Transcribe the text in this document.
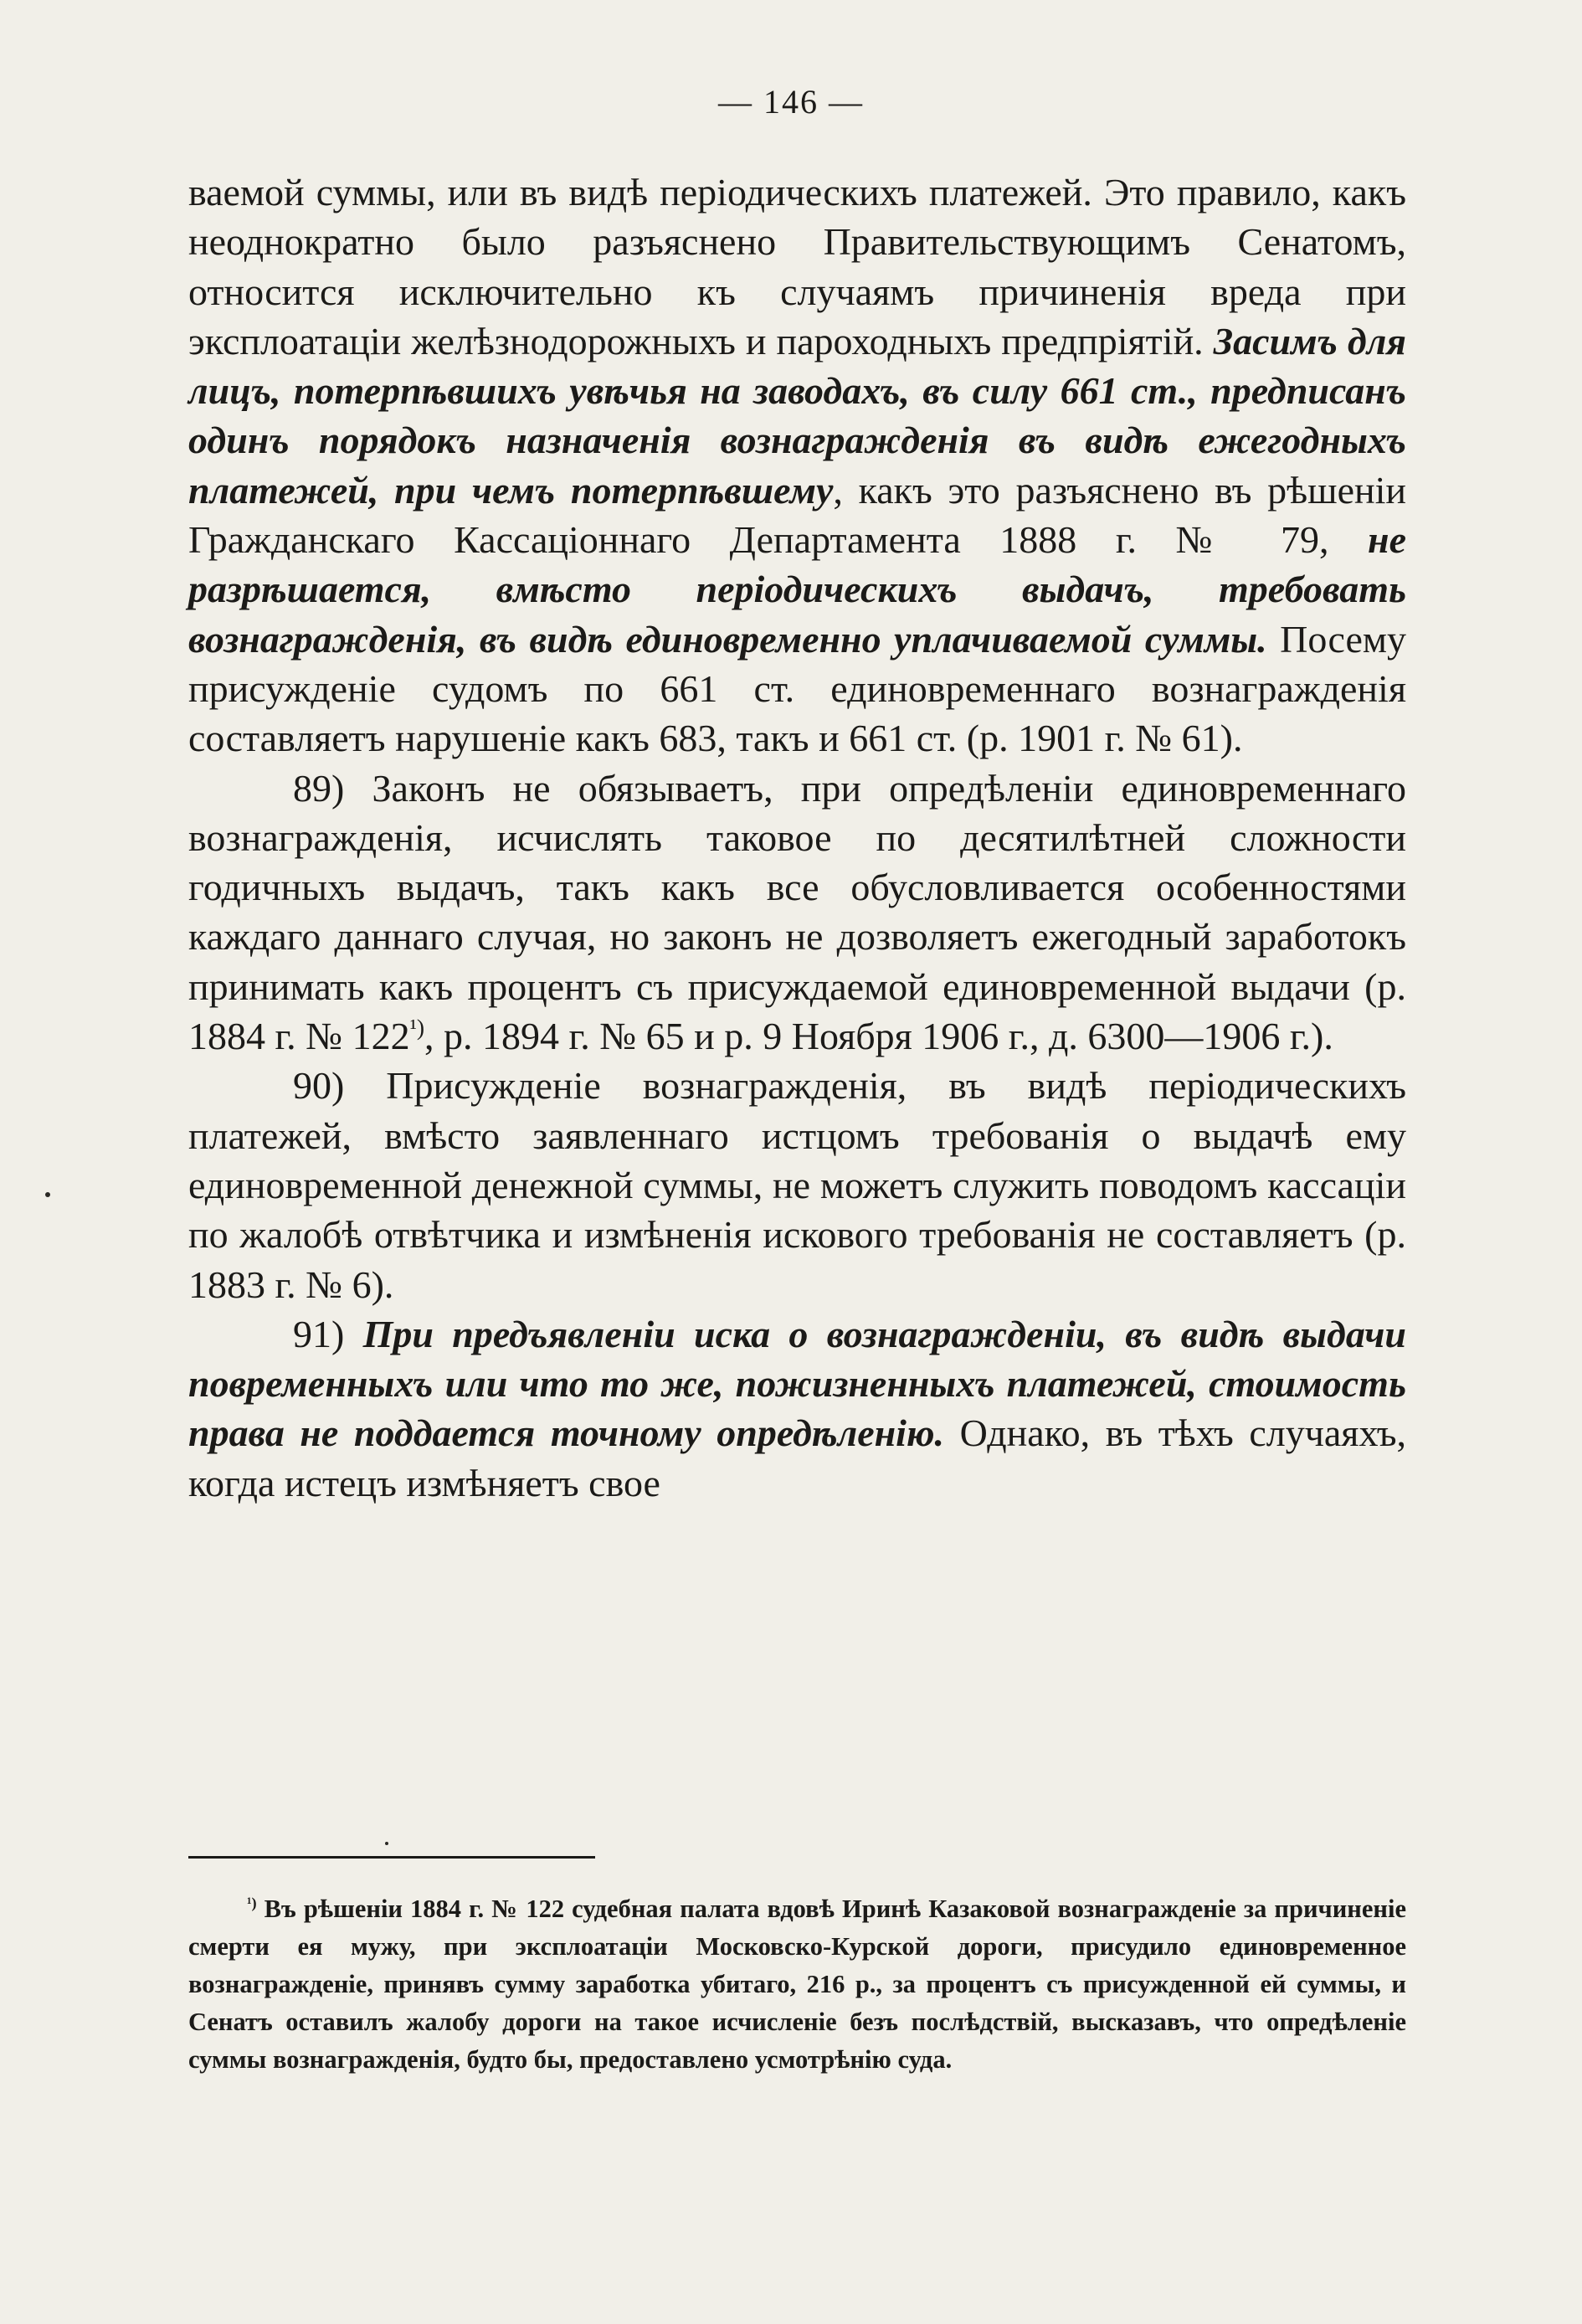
— 146 —

ваемой суммы, или въ видѣ періодическихъ платежей. Это правило, какъ неоднократно было разъяснено Правительствующимъ Сенатомъ, относится исключительно къ случаямъ причиненія вреда при эксплоатаціи желѣзнодорожныхъ и пароходныхъ предпріятій. Засимъ для лицъ, потерпѣвшихъ увѣчья на заводахъ, въ силу 661 ст., предписанъ одинъ порядокъ назначенія вознагражденія въ видѣ ежегодныхъ платежей, при чемъ потерпѣвшему, какъ это разъяснено въ рѣшеніи Гражданскаго Кассаціоннаго Департамента 1888 г. № 79, не разрѣшается, вмѣсто періодическихъ выдачъ, требовать вознагражденія, въ видѣ единовременно уплачиваемой суммы. Посему присужденіе судомъ по 661 ст. единовременнаго вознагражденія составляетъ нарушеніе какъ 683, такъ и 661 ст. (р. 1901 г. № 61).

89) Законъ не обязываетъ, при опредѣленіи единовременнаго вознагражденія, исчислять таковое по десятилѣтней сложности годичныхъ выдачъ, такъ какъ все обусловливается особенностями каждаго даннаго случая, но законъ не дозволяетъ ежегодный заработокъ принимать какъ процентъ съ присуждаемой единовременной выдачи (р. 1884 г. № $122^{^1)}$, р. 1894 г. № 65 и р. 9 Ноября 1906 г., д. 6300—1906 г.).

90) Присужденіе вознагражденія, въ видѣ періодическихъ платежей, вмѣсто заявленнаго истцомъ требованія о выдачѣ ему единовременной денежной суммы, не можетъ служить поводомъ кассаціи по жалобѣ отвѣтчика и измѣненія искового требованія не составляетъ (р. 1883 г. № 6).

91) При предъявленіи иска о вознагражденіи, въ видѣ выдачи повременныхъ или что то же, пожизненныхъ платежей, стоимость права не поддается точному опредѣленію. Однако, въ тѣхъ случаяхъ, когда истецъ измѣняетъ свое

$^{^1)}$ Въ рѣшеніи 1884 г. № 122 судебная палата вдовѣ Иринѣ Казаковой вознагражденіе за причиненіе смерти ея мужу, при эксплоатаціи Московско-Курской дороги, присудило единовременное вознагражденіе, принявъ сумму заработка убитаго, 216 р., за процентъ съ присужденной ей суммы, и Сенатъ оставилъ жалобу дороги на такое исчисленіе безъ послѣдствій, высказавъ, что опредѣленіе суммы вознагражденія, будто бы, предоставлено усмотрѣнію суда.
